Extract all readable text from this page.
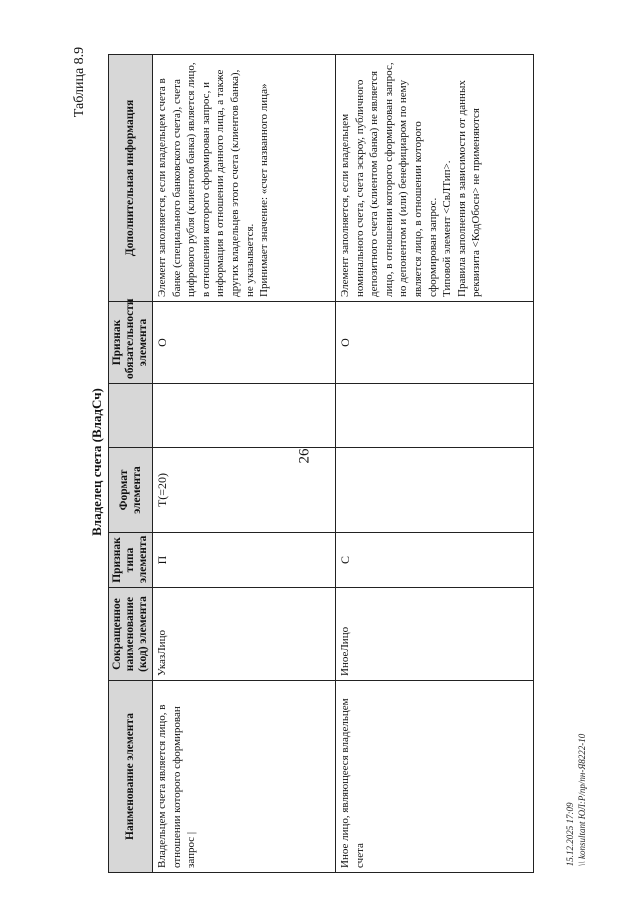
26
Таблица 8.9
Владелец счета (ВладСч)
Наименование элемента	Сокращенное наименование (код) элемента	Признак типа элемента	Формат элемента		Признак обязательности элемента	Дополнительная информация
Владельцем счета является лицо, в отношении которого сформирован запрос |	УказЛицо	П	T(=20)		О	Элемент заполняется, если владельцем счета в банке (специального банковского счета), счета цифрового рубля (клиентом банка) является лицо, в отношении которого сформирован запрос, и информация в отношении данного лица, а также других владельцев этого счета (клиентов банка), не указывается. Принимает значение: «счет названного лица»

Иное лицо, являющееся владельцем счета	ИноеЛицо	С			О	Элемент заполняется, если владельцем номинального счета, счета эскроу, публичного депозитного счета (клиентом банка) не является лицо, в отношении которого сформирован запрос, но депонентом и (или) бенефициаром по нему является лицо, в отношении которого сформирован запрос. Типовой элемент <СвЛТип>. Правила заполнения в зависимости от данных реквизита <КодОбосн> не применяются
15.12.2025 17:09 \\ konsultant ЮЛ:Р/пр/пн-Я8222-10
